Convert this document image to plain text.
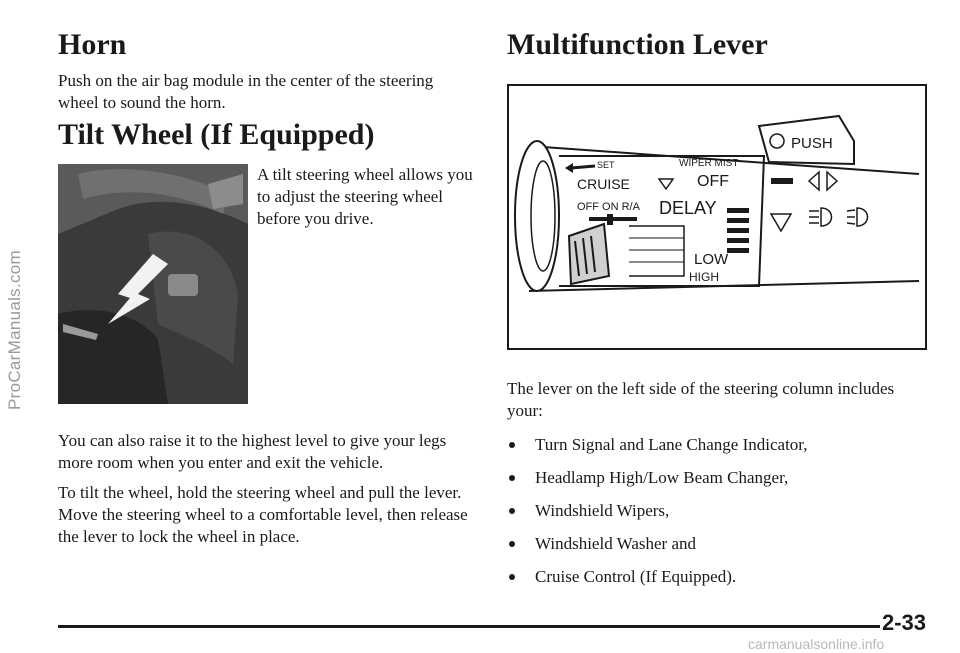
ProCarManuals.com
Horn

Push on the air bag module in the center of the steering wheel to sound the horn.

Tilt Wheel (If Equipped)

A tilt steering wheel allows you to adjust the steering wheel before you drive.

You can also raise it to the highest level to give your legs more room when you enter and exit the vehicle.

To tilt the wheel, hold the steering wheel and pull the lever. Move the steering wheel to a comfortable level, then release the lever to lock the wheel in place.

Multifunction Lever
PUSH
SET
CRUISE
OFF ON R/A
WIPER MIST
OFF
DELAY
LOW
HIGH

The lever on the left side of the steering column includes your:

Turn Signal and Lane Change Indicator,
Headlamp High/Low Beam Changer,
Windshield Wipers,
Windshield Washer and
Cruise Control (If Equipped).
2-33
carmanualsonline.info
